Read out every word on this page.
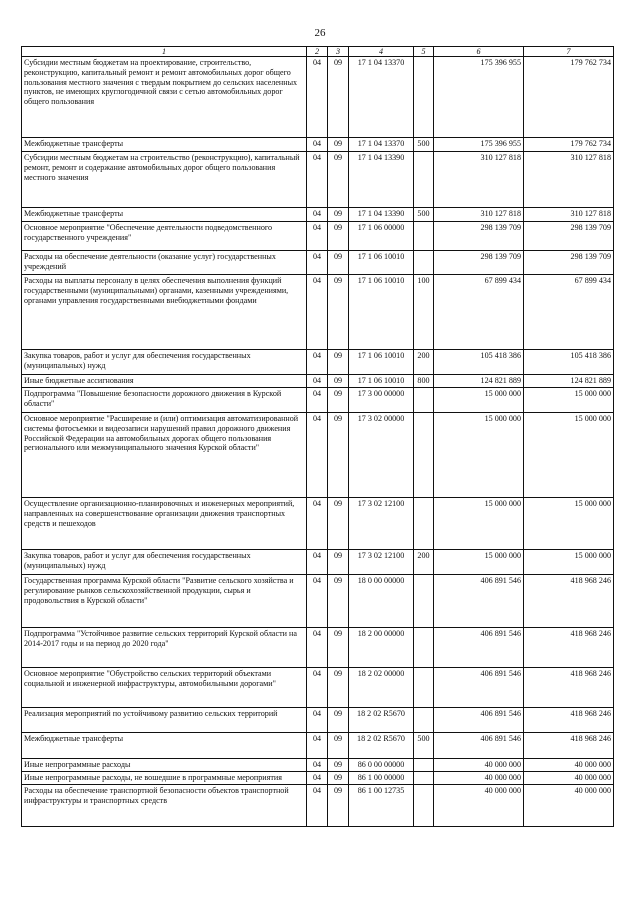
26
1	2	3	4	5	6	7
Субсидии местным бюджетам на проектирование, строительство, реконструкцию, капитальный ремонт и ремонт автомобильных дорог общего пользования местного значения с твердым покрытием до сельских населенных пунктов, не имеющих круглогодичной связи с сетью автомобильных дорог общего пользования	04	09	17 1 04 13370		175 396 955	179 762 734
Межбюджетные трансферты	04	09	17 1 04 13370	500	175 396 955	179 762 734
Субсидии местным бюджетам на строительство (реконструкцию), капитальный ремонт, ремонт и содержание автомобильных дорог общего пользования местного значения	04	09	17 1 04 13390		310 127 818	310 127 818
Межбюджетные трансферты	04	09	17 1 04 13390	500	310 127 818	310 127 818
Основное мероприятие "Обеспечение деятельности подведомственного государственного учреждения"	04	09	17 1 06 00000		298 139 709	298 139 709
Расходы на обеспечение деятельности (оказание услуг) государственных учреждений	04	09	17 1 06 10010		298 139 709	298 139 709
Расходы на выплаты персоналу в целях обеспечения выполнения функций государственными (муниципальными) органами, казенными учреждениями, органами управления государственными внебюджетными фондами	04	09	17 1 06 10010	100	67 899 434	67 899 434
Закупка товаров, работ и услуг для обеспечения государственных (муниципальных) нужд	04	09	17 1 06 10010	200	105 418 386	105 418 386
Иные бюджетные ассигнования	04	09	17 1 06 10010	800	124 821 889	124 821 889
Подпрограмма "Повышение безопасности дорожного движения в Курской области"	04	09	17 3 00 00000		15 000 000	15 000 000
Основное мероприятие "Расширение и (или) оптимизация автоматизированной системы фотосъемки и видеозаписи нарушений правил дорожного движения Российской Федерации на автомобильных дорогах общего пользования регионального или межмуниципального значения Курской области"	04	09	17 3 02 00000		15 000 000	15 000 000
Осуществление организационно-планировочных и инженерных мероприятий, направленных на совершенствование организации движения транспортных средств и пешеходов	04	09	17 3 02 12100		15 000 000	15 000 000
Закупка товаров, работ и услуг для обеспечения государственных (муниципальных) нужд	04	09	17 3 02 12100	200	15 000 000	15 000 000
Государственная программа Курской области "Развитие сельского хозяйства и регулирование рынков сельскохозяйственной продукции, сырья и продовольствия в Курской области"	04	09	18 0 00 00000		406 891 546	418 968 246
Подпрограмма "Устойчивое развитие сельских территорий Курской области на 2014-2017 годы и на период до 2020 года"	04	09	18 2 00 00000		406 891 546	418 968 246
Основное мероприятие "Обустройство сельских территорий объектами социальной и инженерной инфраструктуры, автомобильными дорогами"	04	09	18 2 02 00000		406 891 546	418 968 246
Реализация мероприятий по устойчивому развитию сельских территорий	04	09	18 2 02 R5670		406 891 546	418 968 246
Межбюджетные трансферты	04	09	18 2 02 R5670	500	406 891 546	418 968 246
Иные непрограммные расходы	04	09	86 0 00 00000		40 000 000	40 000 000
Иные непрограммные расходы, не вошедшие в программные мероприятия	04	09	86 1 00 00000		40 000 000	40 000 000
Расходы на обеспечение транспортной безопасности объектов транспортной инфраструктуры и транспортных средств	04	09	86 1 00 12735		40 000 000	40 000 000
